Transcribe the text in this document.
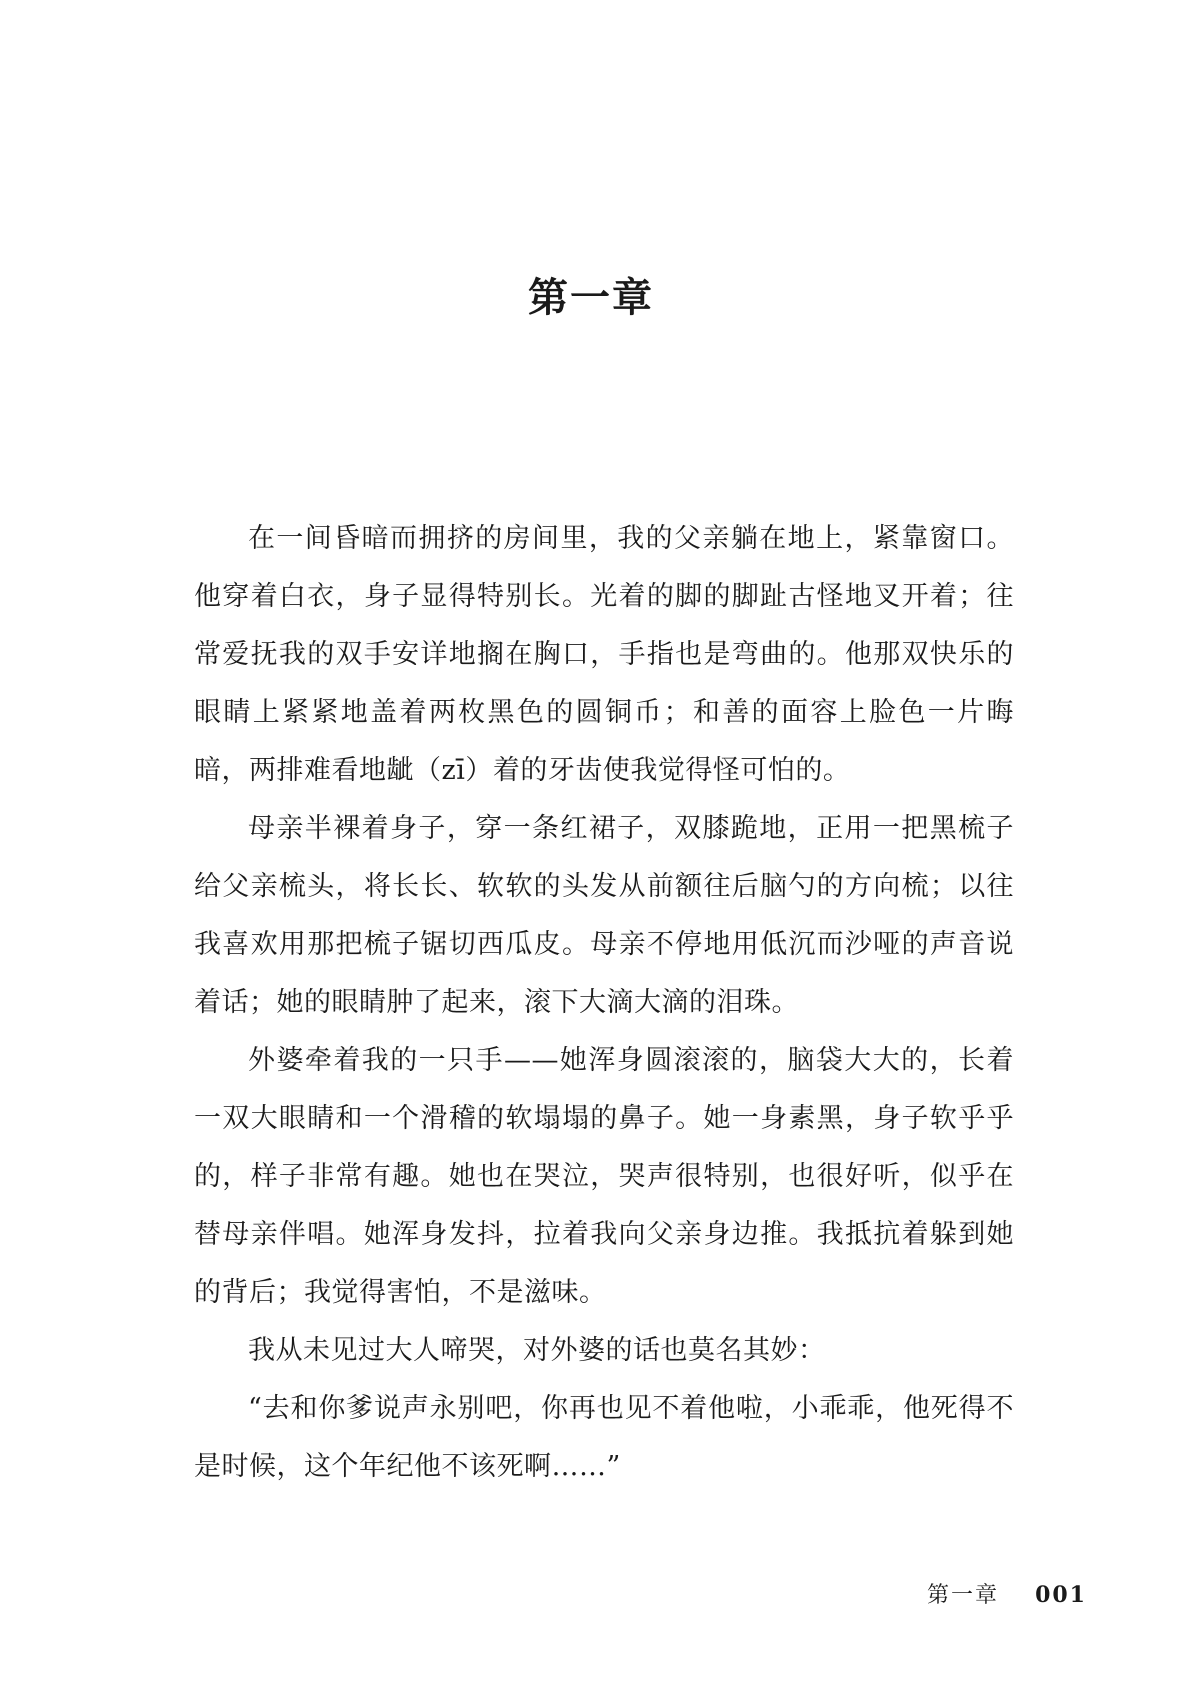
第一章

在一间昏暗而拥挤的房间里，我的父亲躺在地上，紧靠窗口。他穿着白衣，身子显得特别长。光着的脚的脚趾古怪地叉开着；往常爱抚我的双手安详地搁在胸口，手指也是弯曲的。他那双快乐的眼睛上紧紧地盖着两枚黑色的圆铜币；和善的面容上脸色一片晦暗，两排难看地龇（zī）着的牙齿使我觉得怪可怕的。

母亲半裸着身子，穿一条红裙子，双膝跪地，正用一把黑梳子给父亲梳头，将长长、软软的头发从前额往后脑勺的方向梳；以往我喜欢用那把梳子锯切西瓜皮。母亲不停地用低沉而沙哑的声音说着话；她的眼睛肿了起来，滚下大滴大滴的泪珠。

外婆牵着我的一只手——她浑身圆滚滚的，脑袋大大的，长着一双大眼睛和一个滑稽的软塌塌的鼻子。她一身素黑，身子软乎乎的，样子非常有趣。她也在哭泣，哭声很特别，也很好听，似乎在替母亲伴唱。她浑身发抖，拉着我向父亲身边推。我抵抗着躲到她的背后；我觉得害怕，不是滋味。

我从未见过大人啼哭，对外婆的话也莫名其妙：

“去和你爹说声永别吧，你再也见不着他啦，小乖乖，他死得不是时候，这个年纪他不该死啊……”

第一章 001
